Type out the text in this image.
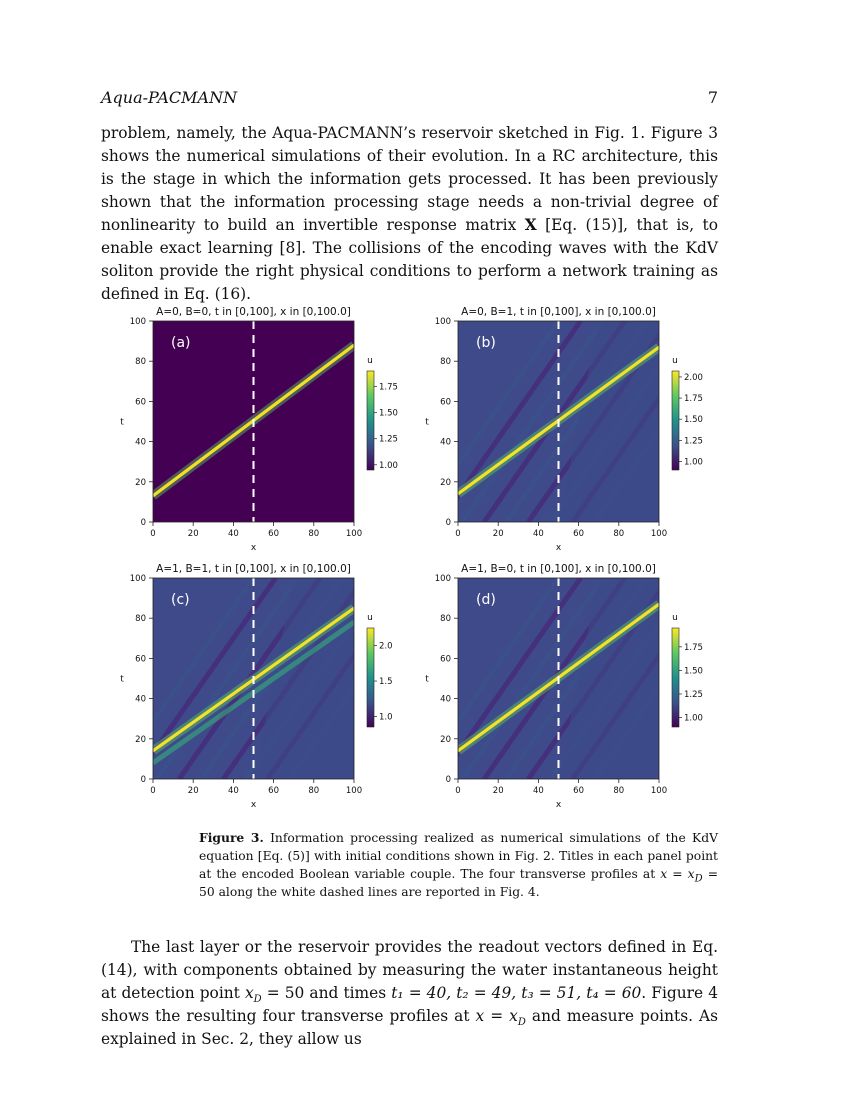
Aqua-PACMANN	7

problem, namely, the Aqua-PACMANN’s reservoir sketched in Fig. 1. Figure 3 shows the numerical simulations of their evolution. In a RC architecture, this is the stage in which the information gets processed. It has been previously shown that the information processing stage needs a non-trivial degree of nonlinearity to build an invertible response matrix X [Eq. (15)], that is, to enable exact learning [8]. The collisions of the encoding waves with the KdV soliton provide the right physical conditions to perform a network training as defined in Eq. (16).

(a)
A=0, B=0, t in [0,100], x in [0,100.0]
0	20	40	60	80	100
x
0
20
40
60
80
100
t
u
1.75
1.50
1.25
1.00
(b)
A=0, B=1, t in [0,100], x in [0,100.0]
0	20	40	60	80	100
x
0
20
40
60
80
100
t
u
2.00
1.75
1.50
1.25
1.00
(c)
A=1, B=1, t in [0,100], x in [0,100.0]
0	20	40	60	80	100
x
0
20
40
60
80
100
t
u
2.0
1.5
1.0
(d)
A=1, B=0, t in [0,100], x in [0,100.0]
0	20	40	60	80	100
x
0
20
40
60
80
100
t
u
1.75
1.50
1.25
1.00

Figure 3. Information processing realized as numerical simulations of the KdV equation [Eq. (5)] with initial conditions shown in Fig. 2. Titles in each panel point at the encoded Boolean variable couple. The four transverse profiles at $x = x_D = 50$ along the white dashed lines are reported in Fig. 4.

The last layer or the reservoir provides the readout vectors defined in Eq. (14), with components obtained by measuring the water instantaneous height at detection point $x_D = 50$ and times t₁ = 40, t₂ = 49, t₃ = 51, t₄ = 60. Figure 4 shows the resulting four transverse profiles at $x = x_D$ and measure points. As explained in Sec. 2, they allow us
